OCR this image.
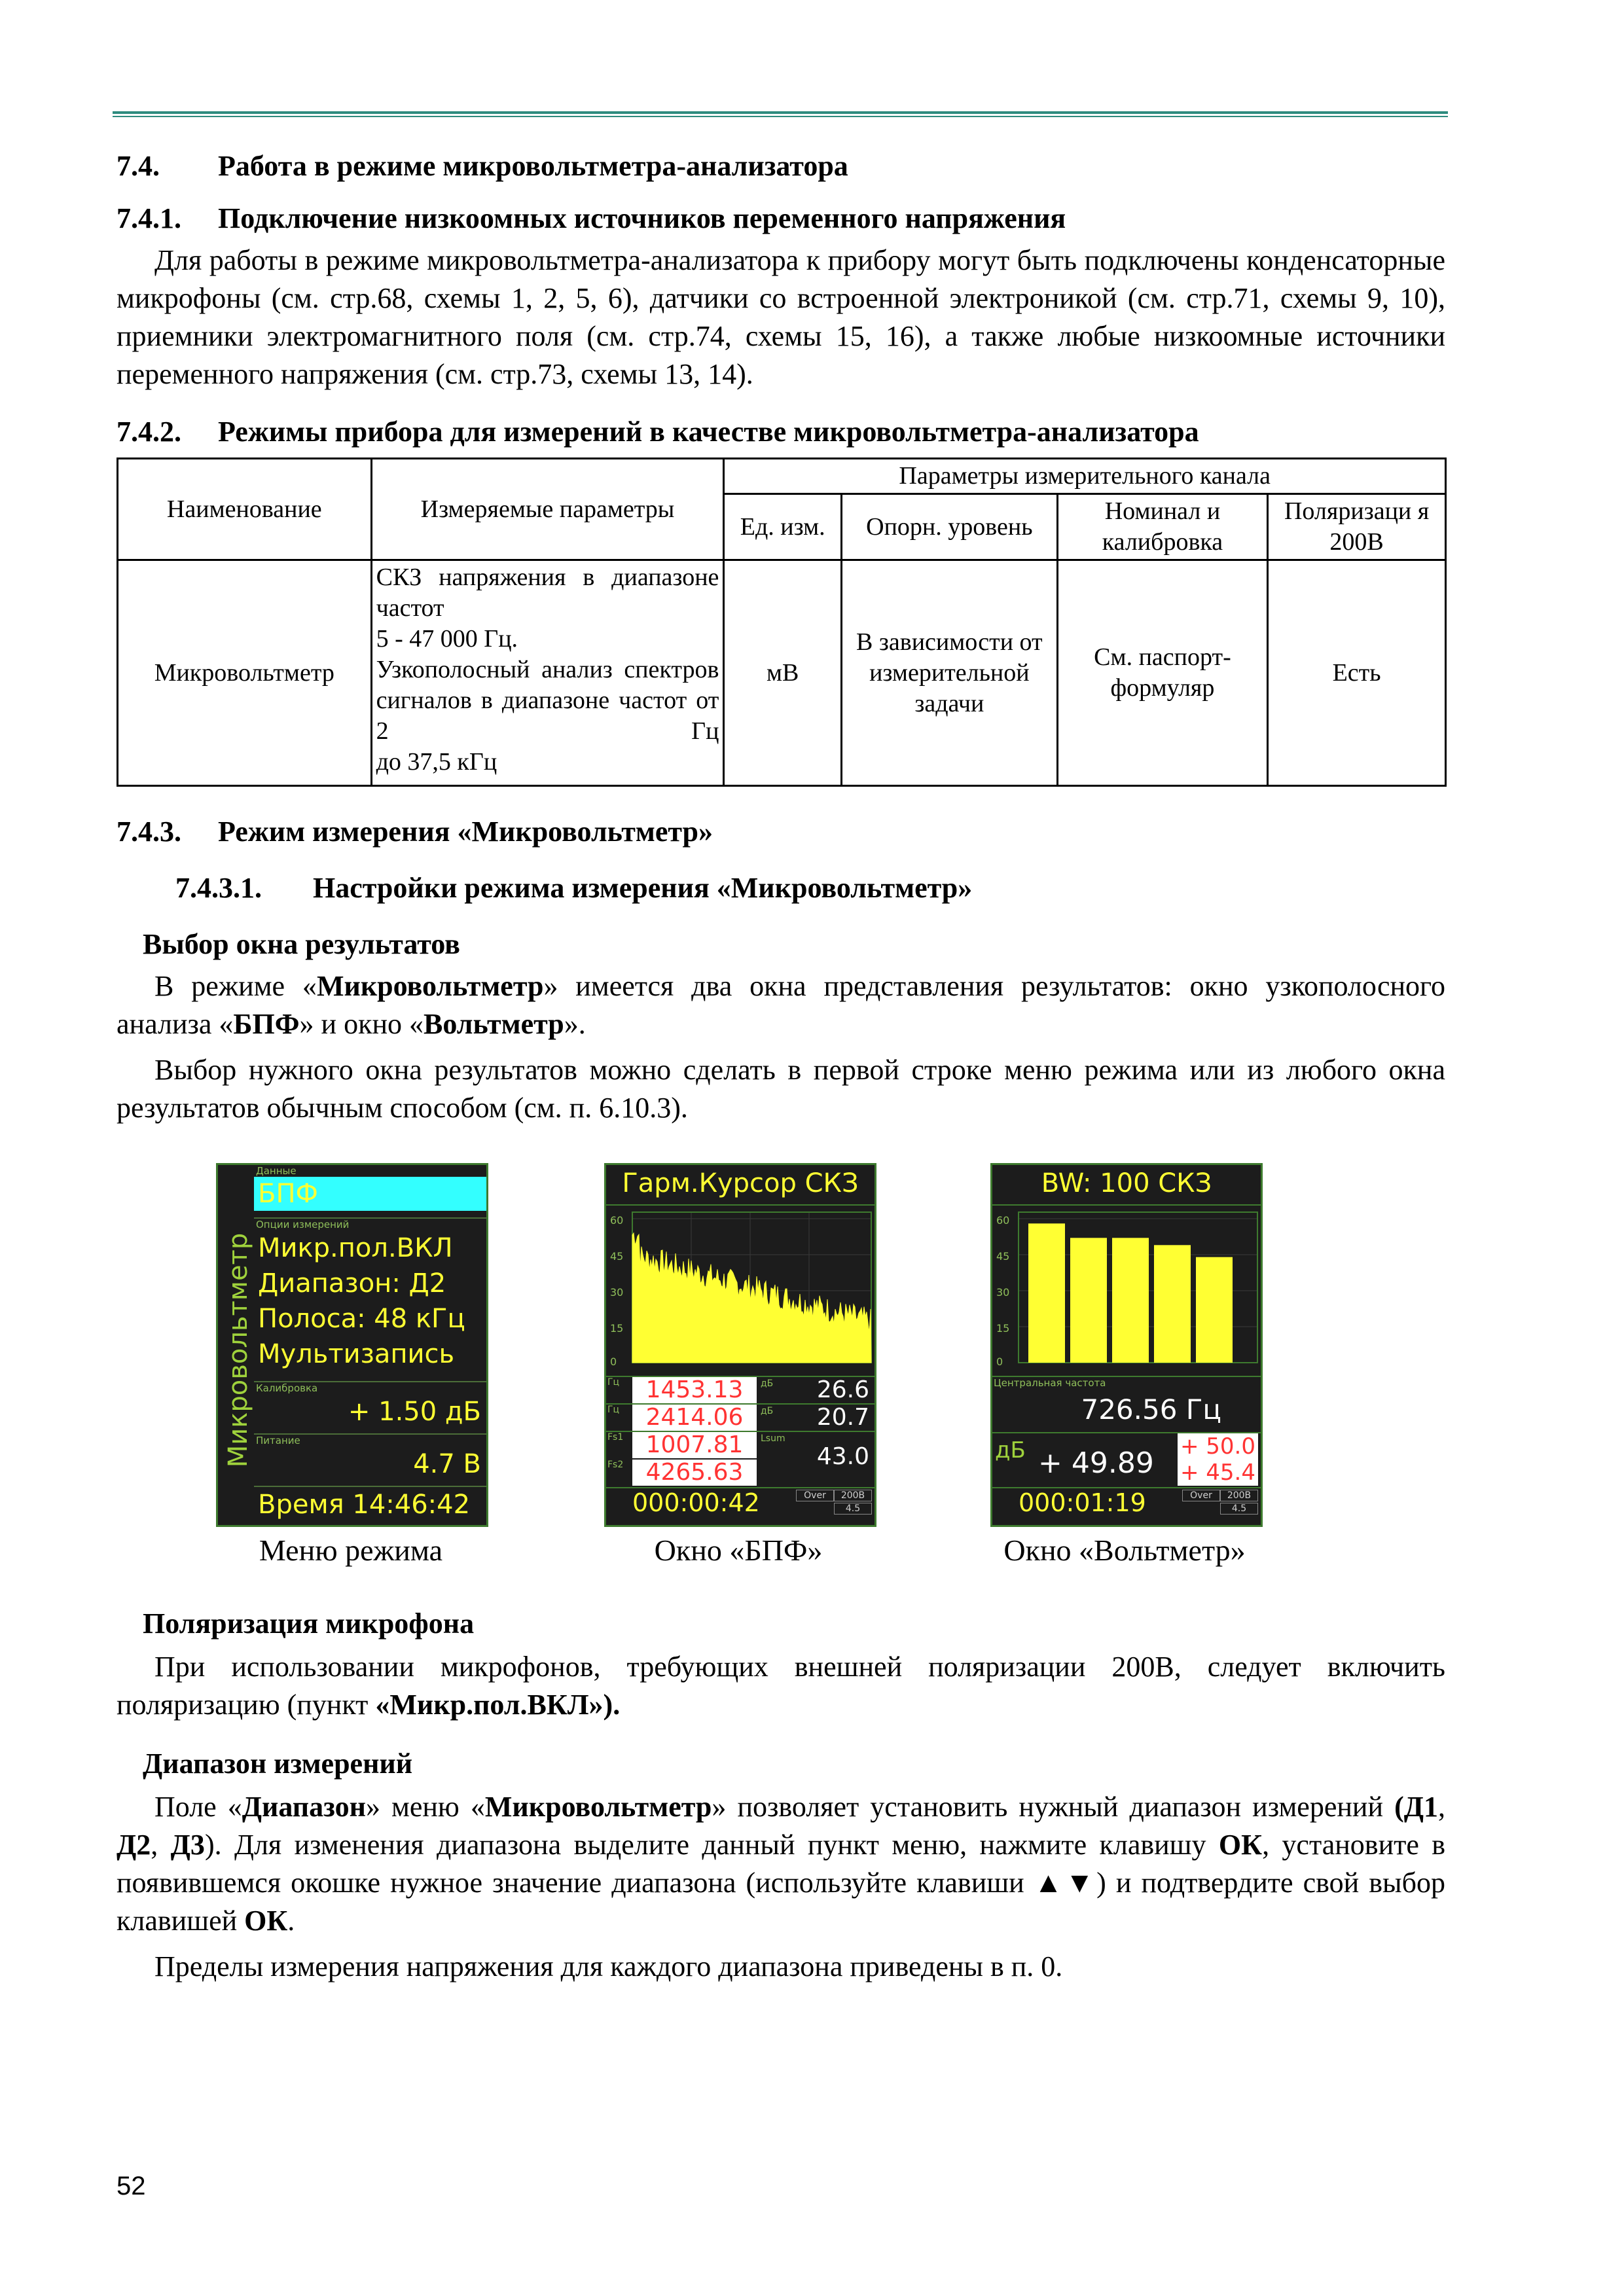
7.4. Работа в режиме микровольтметра-анализатора
7.4.1. Подключение низкоомных источников переменного напряжения

Для работы в режиме микровольтметра-анализатора к прибору могут быть подключены конденсаторные микрофоны (см. стр.68, схемы 1, 2, 5, 6), датчики со встроенной электроникой (см. стр.71, схемы 9, 10), приемники электромагнитного поля (см. стр.74, схемы 15, 16), а также любые низкоомные источники переменного напряжения (см. стр.73, схемы 13, 14).

7.4.2. Режимы прибора для измерений в качестве микровольтметра-анализатора
Наименование	Измеряемые параметры	Параметры измерительного канала			
		Ед. изм.	Опорн. уровень	Номинал и калибровка	Поляризаци я 200В
Микровольтметр	СКЗ напряжения в диапазоне частот
5 - 47 000 Гц.
Узкополосный анализ спектров сигналов в диапазоне частот от 2 Гц
до 37,5 кГц	мВ	В зависимости от измерительной задачи	См. паспорт-формуляр	Есть
7.4.3. Режим измерения «Микровольтметр»
7.4.3.1. Настройки режима измерения «Микровольтметр»
Выбор окна результатов

В режиме «Микровольтметр» имеется два окна представления результатов: окно узкополосного анализа «БПФ» и окно «Вольтметр».

Выбор нужного окна результатов можно сделать в первой строке меню режима или из любого окна результатов обычным способом (см. п. 6.10.3).

Микровольтметр
Данные
БПФ
Опции измерений
Микр.пол.ВКЛ
Диапазон: Д2
Полоса: 48 кГц
Мультизапись
Калибровка
+ 1.50 дБ
Питание
4.7 В
Время 14:46:42
Меню режима
Гарм.Курсор СКЗ
60
45
30
15
0
Гц	1453.13	дБ 26.6
Гц	2414.06	дБ 20.7
Fs1 1007.81	Lsum
43.0
Fs2 4265.63
000:00:42	Over 200В 4.5
Окно «БПФ»
BW: 100 СКЗ
60
45
30
15
0
Центральная частота
726.56 Гц
дБ + 49.89 + 50.0
+ 45.4
000:01:19	Over 200В 4.5
Окно «Вольтметр»
Поляризация микрофона

При использовании микрофонов, требующих внешней поляризации 200В, следует включить поляризацию (пункт «Микр.пол.ВКЛ»).

Диапазон измерений

Поле «Диапазон» меню «Микровольтметр» позволяет установить нужный диапазон измерений (Д1, Д2, Д3). Для изменения диапазона выделите данный пункт меню, нажмите клавишу ОК, установите в появившемся окошке нужное значение диапазона (используйте клавиши ▲▼) и подтвердите свой выбор клавишей ОК.

Пределы измерения напряжения для каждого диапазона приведены в п. 0.

52
